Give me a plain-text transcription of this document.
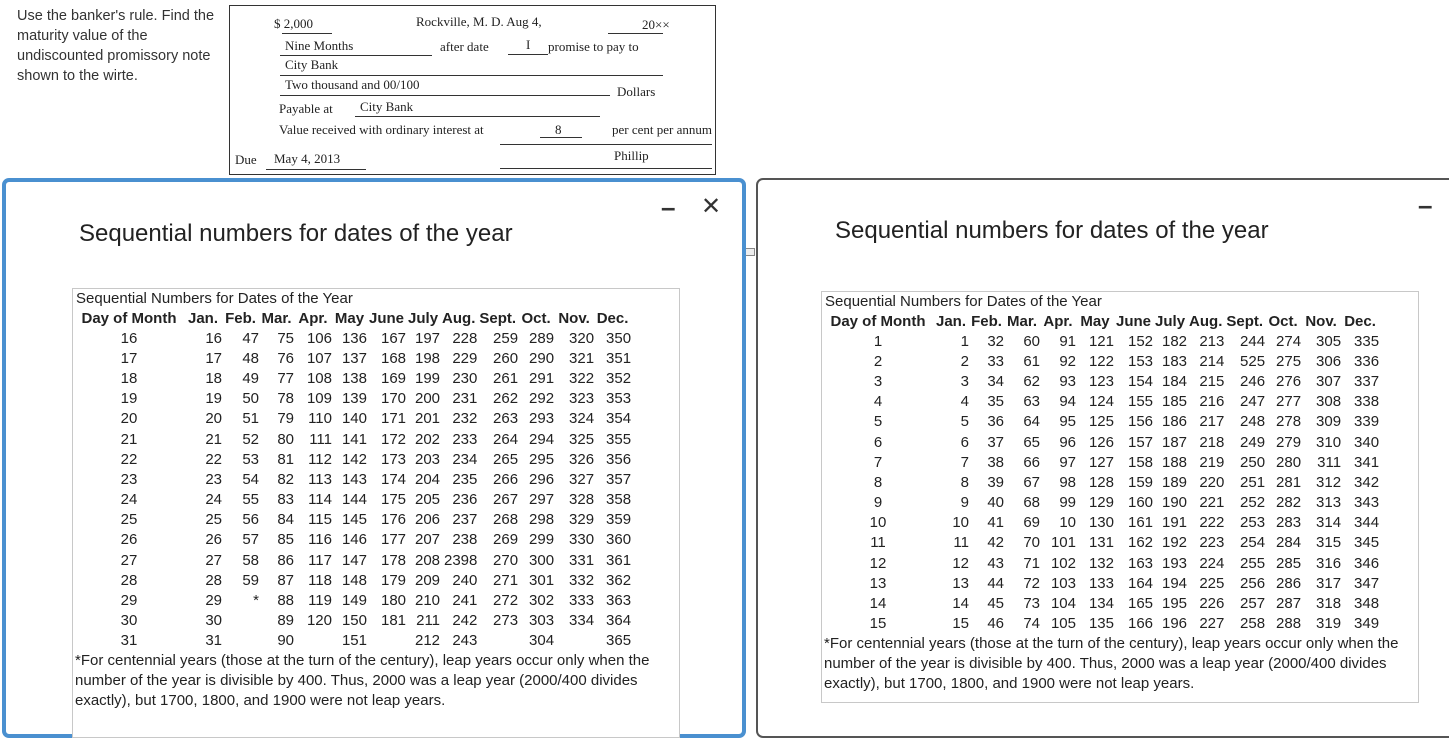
Use the banker's rule. Find the maturity value of the undiscounted promissory note shown to the wirte.
$ 2,000	Rockville, M. D. Aug 4,	20××
Nine Months	after date	I promise to pay to
City Bank
Two thousand and 00/100	Dollars
Payable at City Bank
Value received with ordinary interest at	8	per cent per annum
Phillip
Due May 4, 2013
Sequential numbers for dates of the year
– ✕
Sequential Numbers for Dates of the Year
Day of Month	Jan.	Feb.	Mar.	Apr.	May	June	July	Aug.	Sept.	Oct.	Nov.	Dec.
16	16	47	75	106	136	167	197	228	259	289	320	350
17	17	48	76	107	137	168	198	229	260	290	321	351
18	18	49	77	108	138	169	199	230	261	291	322	352
19	19	50	78	109	139	170	200	231	262	292	323	353
20	20	51	79	110	140	171	201	232	263	293	324	354
21	21	52	80	111	141	172	202	233	264	294	325	355
22	22	53	81	112	142	173	203	234	265	295	326	356
23	23	54	82	113	143	174	204	235	266	296	327	357
24	24	55	83	114	144	175	205	236	267	297	328	358
25	25	56	84	115	145	176	206	237	268	298	329	359
26	26	57	85	116	146	177	207	238	269	299	330	360
27	27	58	86	117	147	178	208	2398	270	300	331	361
28	28	59	87	118	148	179	209	240	271	301	332	362
29	29	*	88	119	149	180	210	241	272	302	333	363
30	30		89	120	150	181	211	242	273	303	334	364
31	31		90		151		212	243		304		365
*For centennial years (those at the turn of the century), leap years occur only when the number of the year is divisible by 400. Thus, 2000 was a leap year (2000/400 divides exactly), but 1700, 1800, and 1900 were not leap years.
Sequential numbers for dates of the year
–
Sequential Numbers for Dates of the Year
Day of Month	Jan.	Feb.	Mar.	Apr.	May	June	July	Aug.	Sept.	Oct.	Nov.	Dec.
1	1	32	60	91	121	152	182	213	244	274	305	335
2	2	33	61	92	122	153	183	214	525	275	306	336
3	3	34	62	93	123	154	184	215	246	276	307	337
4	4	35	63	94	124	155	185	216	247	277	308	338
5	5	36	64	95	125	156	186	217	248	278	309	339
6	6	37	65	96	126	157	187	218	249	279	310	340
7	7	38	66	97	127	158	188	219	250	280	311	341
8	8	39	67	98	128	159	189	220	251	281	312	342
9	9	40	68	99	129	160	190	221	252	282	313	343
10	10	41	69	10	130	161	191	222	253	283	314	344
11	11	42	70	101	131	162	192	223	254	284	315	345
12	12	43	71	102	132	163	193	224	255	285	316	346
13	13	44	72	103	133	164	194	225	256	286	317	347
14	14	45	73	104	134	165	195	226	257	287	318	348
15	15	46	74	105	135	166	196	227	258	288	319	349
*For centennial years (those at the turn of the century), leap years occur only when the number of the year is divisible by 400. Thus, 2000 was a leap year (2000/400 divides exactly), but 1700, 1800, and 1900 were not leap years.
